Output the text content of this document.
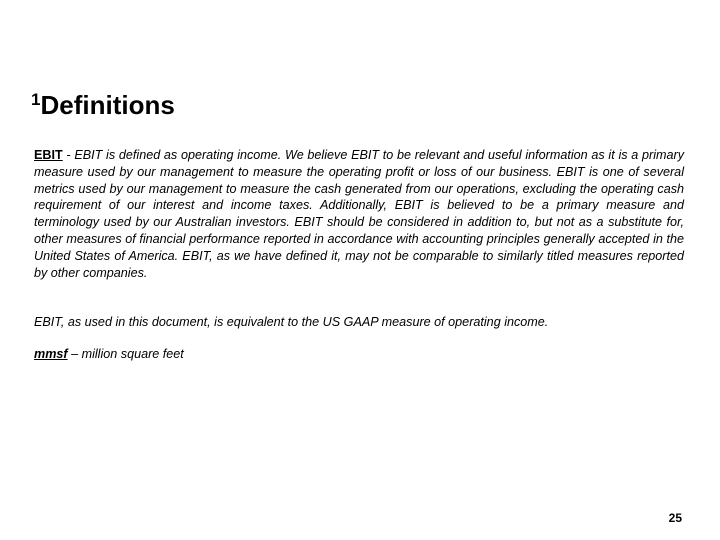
$^1$Definitions
EBIT - EBIT is defined as operating income. We believe EBIT to be relevant and useful information as it is a primary measure used by our management to measure the operating profit or loss of our business. EBIT is one of several metrics used by our management to measure the cash generated from our operations, excluding the operating cash requirement of our interest and income taxes. Additionally, EBIT is believed to be a primary measure and terminology used by our Australian investors. EBIT should be considered in addition to, but not as a substitute for, other measures of financial performance reported in accordance with accounting principles generally accepted in the United States of America. EBIT, as we have defined it, may not be comparable to similarly titled measures reported by other companies.
EBIT, as used in this document, is equivalent to the US GAAP measure of operating income.
mmsf – million square feet
25
